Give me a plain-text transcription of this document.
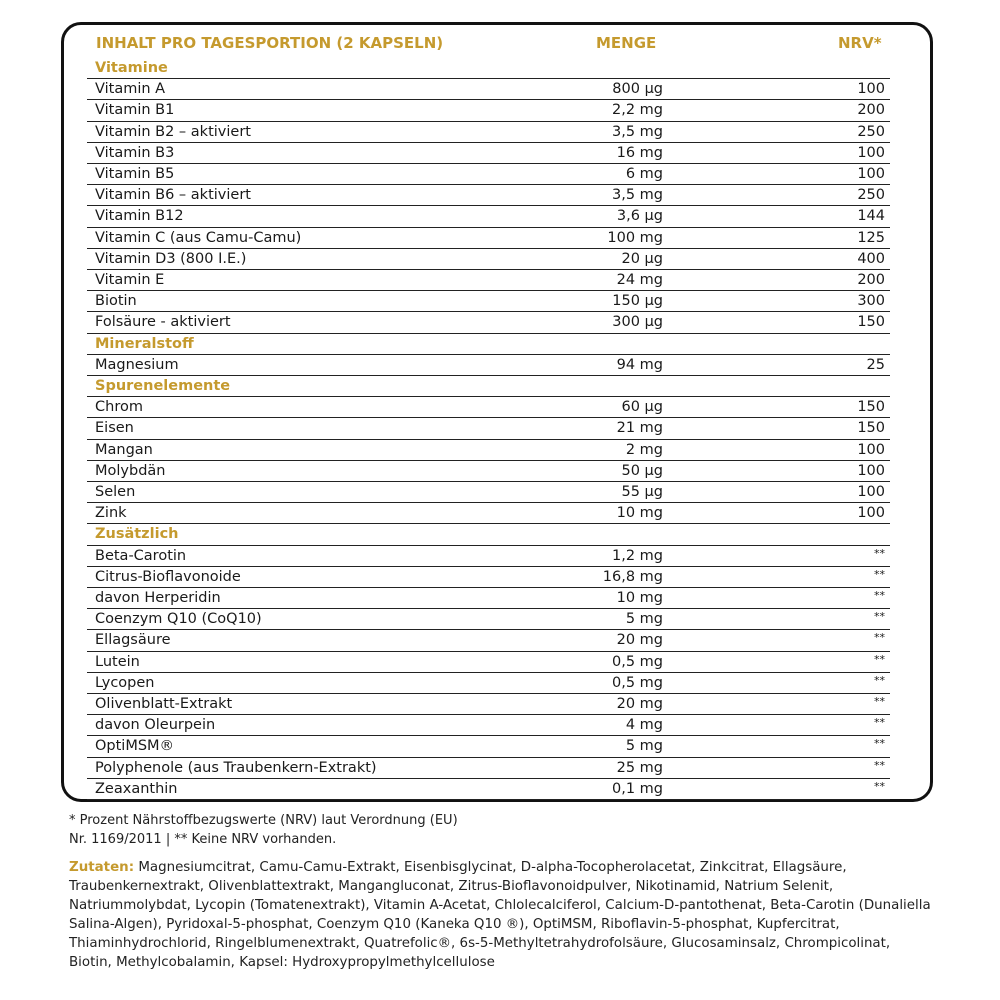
INHALT PRO TAGESPORTION (2 KAPSELN)	MENGE	NRV*
Vitamine
Vitamin A	800 µg	100
Vitamin B1	2,2 mg	200
Vitamin B2 – aktiviert	3,5 mg	250
Vitamin B3	16 mg	100
Vitamin B5	6 mg	100
Vitamin B6 – aktiviert	3,5 mg	250
Vitamin B12	3,6 µg	144
Vitamin C (aus Camu-Camu)	100 mg	125
Vitamin D3 (800 I.E.)	20 µg	400
Vitamin E	24 mg	200
Biotin	150 µg	300
Folsäure - aktiviert	300 µg	150
Mineralstoff
Magnesium	94 mg	25
Spurenelemente
Chrom	60 µg	150
Eisen	21 mg	150
Mangan	2 mg	100
Molybdän	50 µg	100
Selen	55 µg	100
Zink	10 mg	100
Zusätzlich
Beta-Carotin	1,2 mg	**
Citrus-Bioflavonoide	16,8 mg	**
davon Herperidin	10 mg	**
Coenzym Q10 (CoQ10)	5 mg	**
Ellagsäure	20 mg	**
Lutein	0,5 mg	**
Lycopen	0,5 mg	**
Olivenblatt-Extrakt	20 mg	**
davon Oleurpein	4 mg	**
OptiMSM®	5 mg	**
Polyphenole (aus Traubenkern-Extrakt)	25 mg	**
Zeaxanthin	0,1 mg	**
* Prozent Nährstoffbezugswerte (NRV) laut Verordnung (EU)
Nr. 1169/2011 | ** Keine NRV vorhanden.
Zutaten: Magnesiumcitrat, Camu-Camu-Extrakt, Eisenbisglycinat, D-alpha-Tocopherolacetat, Zinkcitrat, Ellagsäure, Traubenkernextrakt, Olivenblattextrakt, Mangangluconat, Zitrus-Bioflavonoidpulver, Nikotinamid, Natrium Selenit, Natriummolybdat, Lycopin (Tomatenextrakt), Vitamin A-Acetat, Chlolecalciferol, Calcium-D-pantothenat, Beta-Carotin (Dunaliella Salina-Algen), Pyridoxal-5-phosphat, Coenzym Q10 (Kaneka Q10 ®), OptiMSM, Riboflavin-5-phosphat, Kupfercitrat, Thiaminhydrochlorid, Ringelblumenextrakt, Quatrefolic®, 6s-5-Methyltetrahydrofolsäure, Glucosaminsalz, Chrompicolinat, Biotin, Methylcobalamin, Kapsel: Hydroxypropylmethylcellulose
